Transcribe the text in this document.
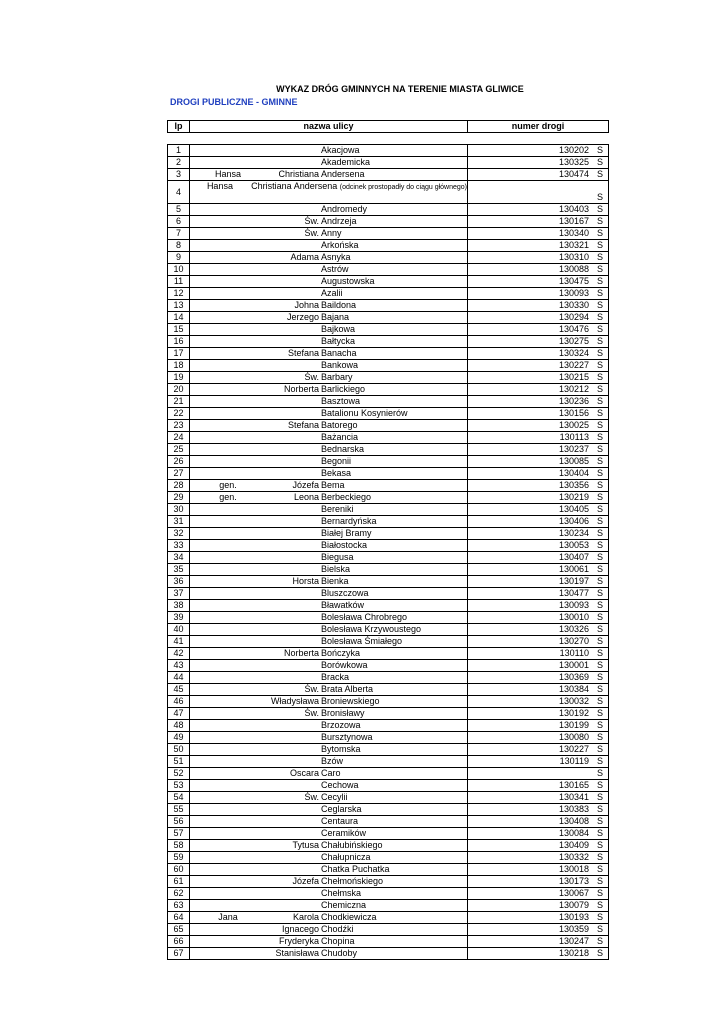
WYKAZ DRÓG GMINNYCH NA TERENIE MIASTA GLIWICE
DROGI PUBLICZNE - GMINNE
lp	nazwa ulicy	numer drogi
1	Akacjowa	130202 S

2	Akademicka	130325 S

3	Hansa Christiana Andersena	130474 S

4	Hansa Christiana Andersena (odcinek prostopadły do ciągu głównego)	S

5	Andromedy	130403 S

6	Św. Andrzeja	130167 S

7	Św. Anny	130340 S

8	Arkońska	130321 S

9	Adama Asnyka	130310 S

10	Astrów	130088 S

11	Augustowska	130475 S

12	Azalii	130093 S

13	Johna Baildona	130330 S

14	Jerzego Bajana	130294 S

15	Bajkowa	130476 S

16	Bałtycka	130275 S

17	Stefana Banacha	130324 S

18	Bankowa	130227 S

19	Św. Barbary	130215 S

20	Norberta Barlickiego	130212 S

21	Basztowa	130236 S

22	Batalionu Kosynierów	130156 S

23	Stefana Batorego	130025 S

24	Bażancia	130113 S

25	Bednarska	130237 S

26	Begonii	130085 S

27	Bekasa	130404 S

28	gen. Józefa Bema	130356 S

29	gen. Leona Berbeckiego	130219 S

30	Bereniki	130405 S

31	Bernardyńska	130406 S

32	Białej Bramy	130234 S

33	Białostocka	130053 S

34	Biegusa	130407 S

35	Bielska	130061 S

36	Horsta Bienka	130197 S

37	Bluszczowa	130477 S

38	Bławatków	130093 S

39	Bolesława Chrobrego	130010 S

40	Bolesława Krzywoustego	130326 S

41	Bolesława Śmiałego	130270 S

42	Norberta Bończyka	130110 S

43	Borówkowa	130001 S

44	Bracka	130369 S

45	Św. Brata Alberta	130384 S

46	Władysława Broniewskiego	130032 S

47	Św. Bronisławy	130192 S

48	Brzozowa	130199 S

49	Bursztynowa	130080 S

50	Bytomska	130227 S

51	Bzów	130119 S

52	Oscara Caro	S

53	Cechowa	130165 S

54	Św. Cecylii	130341 S

55	Ceglarska	130383 S

56	Centaura	130408 S

57	Ceramików	130084 S

58	Tytusa Chałubińskiego	130409 S

59	Chałupnicza	130332 S

60	Chatka Puchatka	130018 S

61	Józefa Chełmońskiego	130173 S

62	Chełmska	130067 S

63	Chemiczna	130079 S

64	Jana Karola Chodkiewicza	130193 S

65	Ignacego Chodźki	130359 S

66	Fryderyka Chopina	130247 S

67	Stanisława Chudoby	130218 S
